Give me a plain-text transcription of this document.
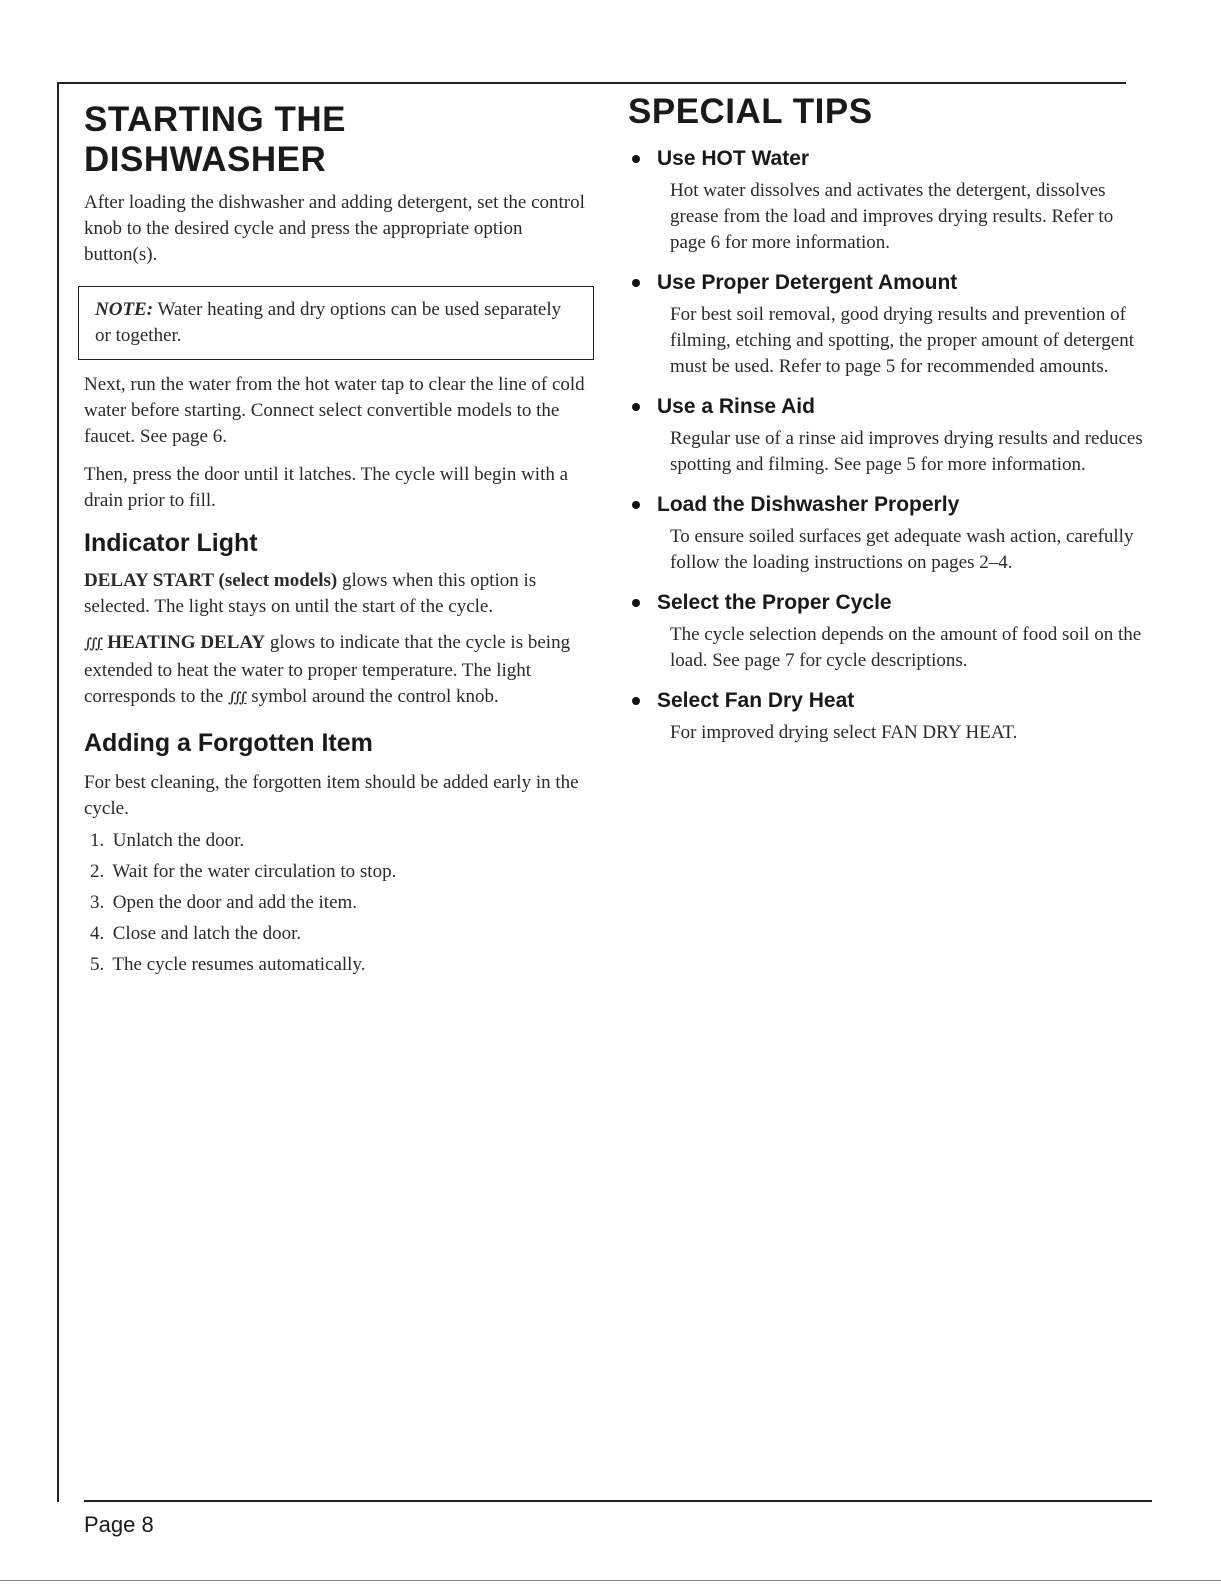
STARTING THE
DISHWASHER

After loading the dishwasher and adding detergent, set the control knob to the desired cycle and press the appropriate option button(s).

NOTE: Water heating and dry options can be used separately or together.

Next, run the water from the hot water tap to clear the line of cold water before starting. Connect select convertible models to the faucet. See page 6.

Then, press the door until it latches. The cycle will begin with a drain prior to fill.

Indicator Light

DELAY START (select models) glows when this option is selected. The light stays on until the start of the cycle.

∭ HEATING DELAY glows to indicate that the cycle is being extended to heat the water to proper temperature. The light corresponds to the ∭ symbol around the control knob.

Adding a Forgotten Item

For best cleaning, the forgotten item should be added early in the cycle.

1. Unlatch the door.
2. Wait for the water circulation to stop.
3. Open the door and add the item.
4. Close and latch the door.
5. The cycle resumes automatically.
SPECIAL TIPS
Use HOT Water

Hot water dissolves and activates the detergent, dissolves grease from the load and improves drying results. Refer to page 6 for more information.

Use Proper Detergent Amount

For best soil removal, good drying results and prevention of filming, etching and spotting, the proper amount of detergent must be used. Refer to page 5 for recommended amounts.

Use a Rinse Aid

Regular use of a rinse aid improves drying results and reduces spotting and filming. See page 5 for more information.

Load the Dishwasher Properly

To ensure soiled surfaces get adequate wash action, carefully follow the loading instructions on pages 2–4.

Select the Proper Cycle

The cycle selection depends on the amount of food soil on the load. See page 7 for cycle descriptions.

Select Fan Dry Heat

For improved drying select FAN DRY HEAT.

Page 8
